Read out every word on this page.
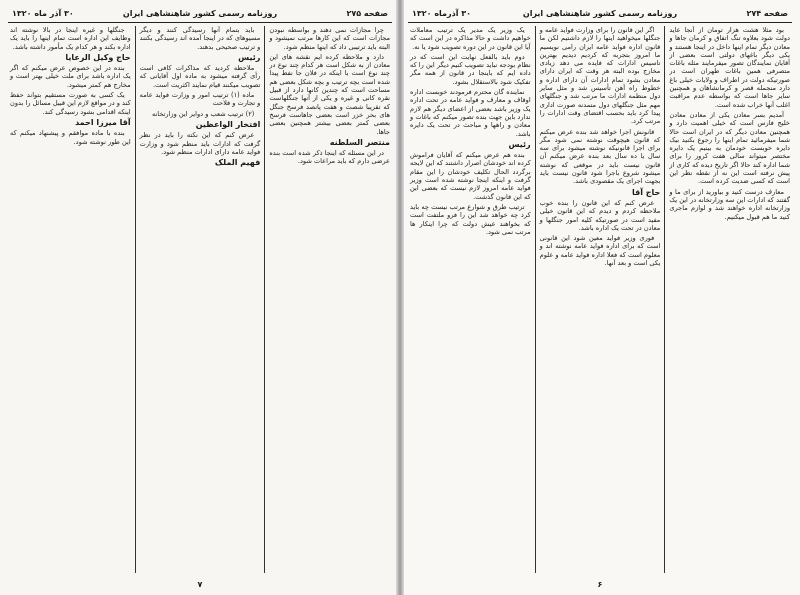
صفحه ۲۷۴
روزنامه رسمی کشور شاهنشاهی ایران
۳۰ آذرماه ۱۳۲۰

بود مثلا هشت هزار تومان از آنجا عاید دولت شود بعلاوه تنگ اتفاق و کرمان جاها و معادن دیگر تمام اینها داخل در اینجا هستند و یکی دیگر باغهای دولتی است بعضی از آقایان نمایندگان تصور میفرمایند مثله باغات متصرفی همین باغات طهران است در صورتیکه دولت در اطراف و ولایات خیلی باغ دارد منجمله قصر و کرمانشاهان و همچنین سایر جاها است که بواسطه عدم مراقبت اغلب آنها خراب شده است.

آمدیم بسر معادن یکی از معادن معادن خلیج فارس است که خیلی اهمیت دارد و همچنین معادن دیگر که در ایران است حالا شما میفرمائید تمام اینها را رجوع بکنید بیک دایره خوبست خودمان به بینیم یک دایره مختصر میتواند سالی هفت کرور را برای شما اداره کند حالا اگر تاریخ دیده که کاری از پیش نرفته است این نه از نقطه نظر این است که کسی ضدیت کرده است.

معارف درست کنید و بیاورید از برای ما و گفتند که ادارات این سه وزارتخانه در این یک وزارتخانه اداره خواهند شد و لوازم ماجری کنید ما هم قبول میکنیم.

اگر این قانون را برای وزارت فواید عامه و جنگلها میخواهید اینها را لازم داشتیم لکن ما قانون اداره فواید عامه ایران رامی نویسیم ما امروز بتجربه که کردیم دیدیم بهترین تاسیس ادارات که فایده می دهد زیادی مخارج بوده البته هر وقت که ایران دارای معادن بشود تمام ادارات آن دارای اداره و خطوط راه آهن تأسیس شد و مثل سایر دول منظمه ادارات ما مرتب شد و جنگلهای مهم مثل جنگلهای دول متمدنه صورت اداری پیدا کرد باید بحسب اقتضای وقت ادارات را مرتب کرد.

قانونش اجرا خواهد شد بنده عرض میکنم که قانون هیچوقت نوشته نمی شود مگر برای اجرا قانونیکه نوشته میشود برای سه سال یا ده سال بعد بنده عرض میکنم آن قانون نیست باید در موقعی که نوشته میشود شروع باجرا شود قانون نیست باید بجهت اجرای یک مقصودی باشد.

حاج آقا

عرض کنم که این قانون را بنده خوب ملاحظه کردم و دیدم که این قانون خیلی مفید است در صورتیکه کلیه امور جنگلها و معادن در تحت یک اداره باشد.

فوری وزیر فواید معین شود این قانونی است که برای اداره فواید عامه نوشته اند و معلوم است که فعلا اداره فواید عامه و علوم یکی است و بعد آنها.

یک وزیر یک مدیر یک ترتیب معاملات خواهیم داشت و حالا مذاکره در این است که آیا این قانون در این دوره تصویب شود یا نه.

دوم باید بالفعل نهایت این است که در نظام بودجه نباید تصویب کنیم دیگر این را که داده ایم که باینجا در قانون از همه مگر تفکیک شود بالاستقلال بشود.

نماینده گان محترم فرمودند خوبست اداره اوقاف و معارف و فواید عامه در تحت اداره یک وزیر باشد بعضی از اعضای دیگر هم لازم ندارد باین جهت بنده تصور میکنم که باغات و معادن و راهها و مباحث در تحت یک دایره باشد.

رئیس

بنده هم عرض میکنم که آقایان فراموش کرده اند خودشان اصرار داشتند که این لایحه برگردد الحال تکلیف خودشان را این مقام گرفت و اینکه اینجا نوشته شده است وزیر فواید عامه امروز لازم نیست که بعضی این که این قانون گذشت.

ترتیب طرق و شوارع مرتب نیست چه باید کرد چه خواهد شد این را فرو ملتفت است که بخواهند عیش دولت که چرا اینکار ها مرتب نمی شود.

۶
صفحه ۲۷۵
روزنامه رسمی کشور شاهنشاهی ایران
۳۰ آذر ماه ۱۳۲۰

چرا مجازات نمی دهند و بواسطه نبودن مجازات است که این کارها مرتب نمیشود و البته باید ترتیبی داد که اینها منظم شود.

دارد و ملاحظه کرده ایم نقشه های این معادن از به شکل است هر کدام چند نوع در چند نوع است با اینکه در فلان جا نفط پیدا شده است بچه ترتیب و بچه شکل بعضی هم مساحت است که چندین کانها دارد از قبیل نقره کانی و غیره و یکی از آنها جنگلهاست که تقریبا شصت و هفت پانصد فرسخ جنگل های بحر خزر است بعضی جاهاست فرسخ بعضی کمتر بعضی بیشتر همچنین بعضی جاها.

منتصر السلطنه

در این مسئله که اینجا ذکر شده است بنده عرضی دارم که باید مراعات شود.

باید بتمام آنها رسیدگی کنند و دیگر مسیوهای که در اینجا آمده اند رسیدگی بکنند و ترتیب صحیحی بدهند.

رئیس

ملاحظه کردید که مذاکرات کافی است رأی گرفته میشود به ماده اول آقایانی که تصویب میکنند قیام نمایند اکثریت است.

ماده (۱) ترتیب امور و وزارت فواید عامه و تجارت و فلاحت

(۲) ترتیب شعب و دوایر این وزارتخانه

افتخار الواعظین

عرض کنم که این نکته را باید در نظر گرفت که ادارات باید منظم شود و وزارت فواید عامه دارای ادارات منظم شود.

فهیم الملک

جنگلها و غیره اینجا در بالا نوشته اند وظایف این اداره است تمام اینها را باید یک اداره بکند و هر کدام یک مأمور داشته باشد.

حاج وکیل الرعایا

بنده در این خصوص عرض میکنم که اگر یک اداره باشد برای ملت خیلی بهتر است و مخارج هم کمتر میشود.

یک کسی به صورت مستقیم بتواند حفظ کند و در مواقع لازم این قبیل مسائل را بدون اینکه اقدامی بشود رسیدگی کند.

آقا میرزا احمد

بنده با ماده موافقم و پیشنهاد میکنم که این طور نوشته شود.

۷
